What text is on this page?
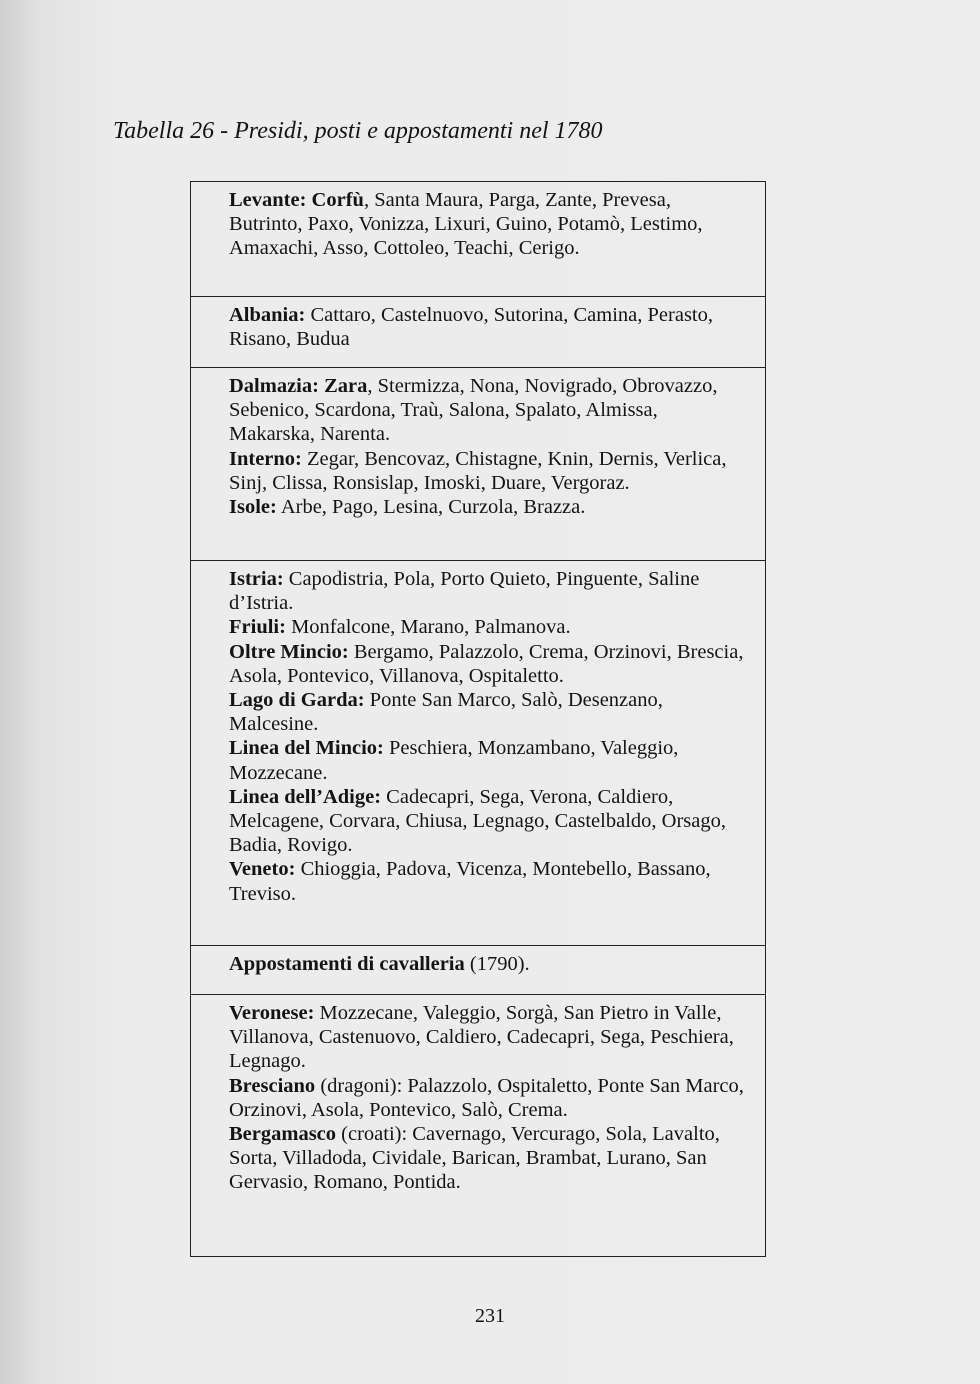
Tabella 26 - Presidi, posti e appostamenti nel 1780
Levante: Corfù, Santa Maura, Parga, Zante, Prevesa, Butrinto, Paxo, Vonizza, Lixuri, Guino, Potamò, Lestimo, Amaxachi, Asso, Cottoleo, Teachi, Cerigo.
Albania: Cattaro, Castelnuovo, Sutorina, Camina, Perasto, Risano, Budua
Dalmazia: Zara, Stermizza, Nona, Novigrado, Obrovazzo, Sebenico, Scardona, Traù, Salona, Spalato, Almissa, Makarska, Narenta.
Interno: Zegar, Bencovaz, Chistagne, Knin, Dernis, Verlica, Sinj, Clissa, Ronsislap, Imoski, Duare, Vergoraz.
Isole: Arbe, Pago, Lesina, Curzola, Brazza.
Istria: Capodistria, Pola, Porto Quieto, Pinguente, Saline d’Istria.
Friuli: Monfalcone, Marano, Palmanova.
Oltre Mincio: Bergamo, Palazzolo, Crema, Orzinovi, Brescia, Asola, Pontevico, Villanova, Ospitaletto.
Lago di Garda: Ponte San Marco, Salò, Desenzano, Malcesine.
Linea del Mincio: Peschiera, Monzambano, Valeggio, Mozzecane.
Linea dell’Adige: Cadecapri, Sega, Verona, Caldiero, Melcagene, Corvara, Chiusa, Legnago, Castelbaldo, Orsago, Badia, Rovigo.
Veneto: Chioggia, Padova, Vicenza, Montebello, Bassano, Treviso.
Appostamenti di cavalleria (1790).
Veronese: Mozzecane, Valeggio, Sorgà, San Pietro in Valle, Villanova, Castenuovo, Caldiero, Cadecapri, Sega, Peschiera, Legnago.
Bresciano (dragoni): Palazzolo, Ospitaletto, Ponte San Marco, Orzinovi, Asola, Pontevico, Salò, Crema.
Bergamasco (croati): Cavernago, Vercurago, Sola, Lavalto, Sorta, Villadoda, Cividale, Barican, Brambat, Lurano, San Gervasio, Romano, Pontida.
231
